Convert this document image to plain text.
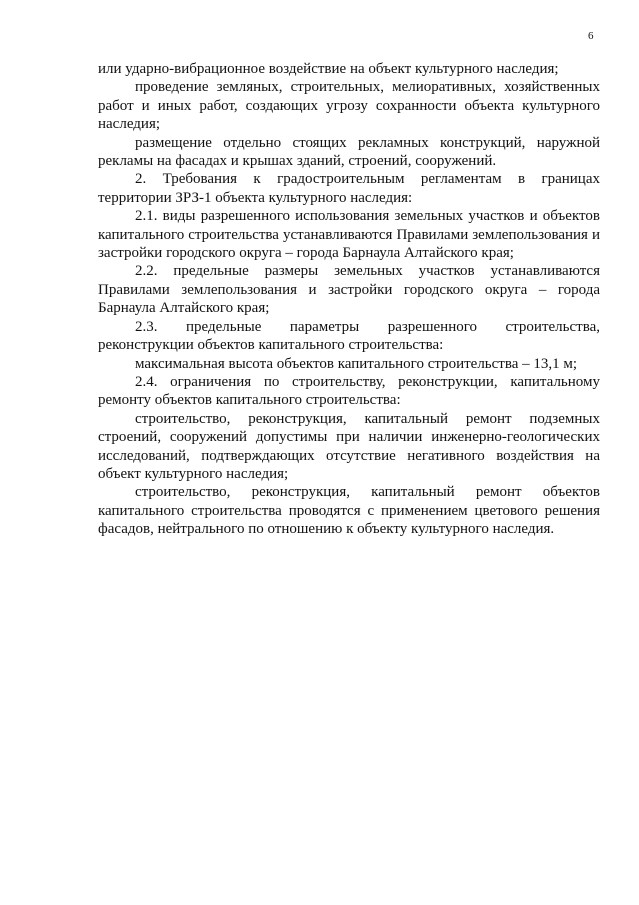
6

или ударно-вибрационное воздействие на объект культурного наследия;

проведение земляных, строительных, мелиоративных, хозяйственных работ и иных работ, создающих угрозу сохранности объекта культурного наследия;

размещение отдельно стоящих рекламных конструкций, наружной рекламы на фасадах и крышах зданий, строений, сооружений.

2. Требования к градостроительным регламентам в границах территории ЗРЗ-1 объекта культурного наследия:

2.1. виды разрешенного использования земельных участков и объектов капитального строительства устанавливаются Правилами землепользования и застройки городского округа – города Барнаула Алтайского края;

2.2. предельные размеры земельных участков устанавливаются Правилами землепользования и застройки городского округа – города Барнаула Алтайского края;

2.3. предельные параметры разрешенного строительства, реконструкции объектов капитального строительства:

максимальная высота объектов капитального строительства – 13,1 м;

2.4. ограничения по строительству, реконструкции, капитальному ремонту объектов капитального строительства:

строительство, реконструкция, капитальный ремонт подземных строений, сооружений допустимы при наличии инженерно-геологических исследований, подтверждающих отсутствие негативного воздействия на объект культурного наследия;

строительство, реконструкция, капитальный ремонт объектов капитального строительства проводятся с применением цветового решения фасадов, нейтрального по отношению к объекту культурного наследия.
